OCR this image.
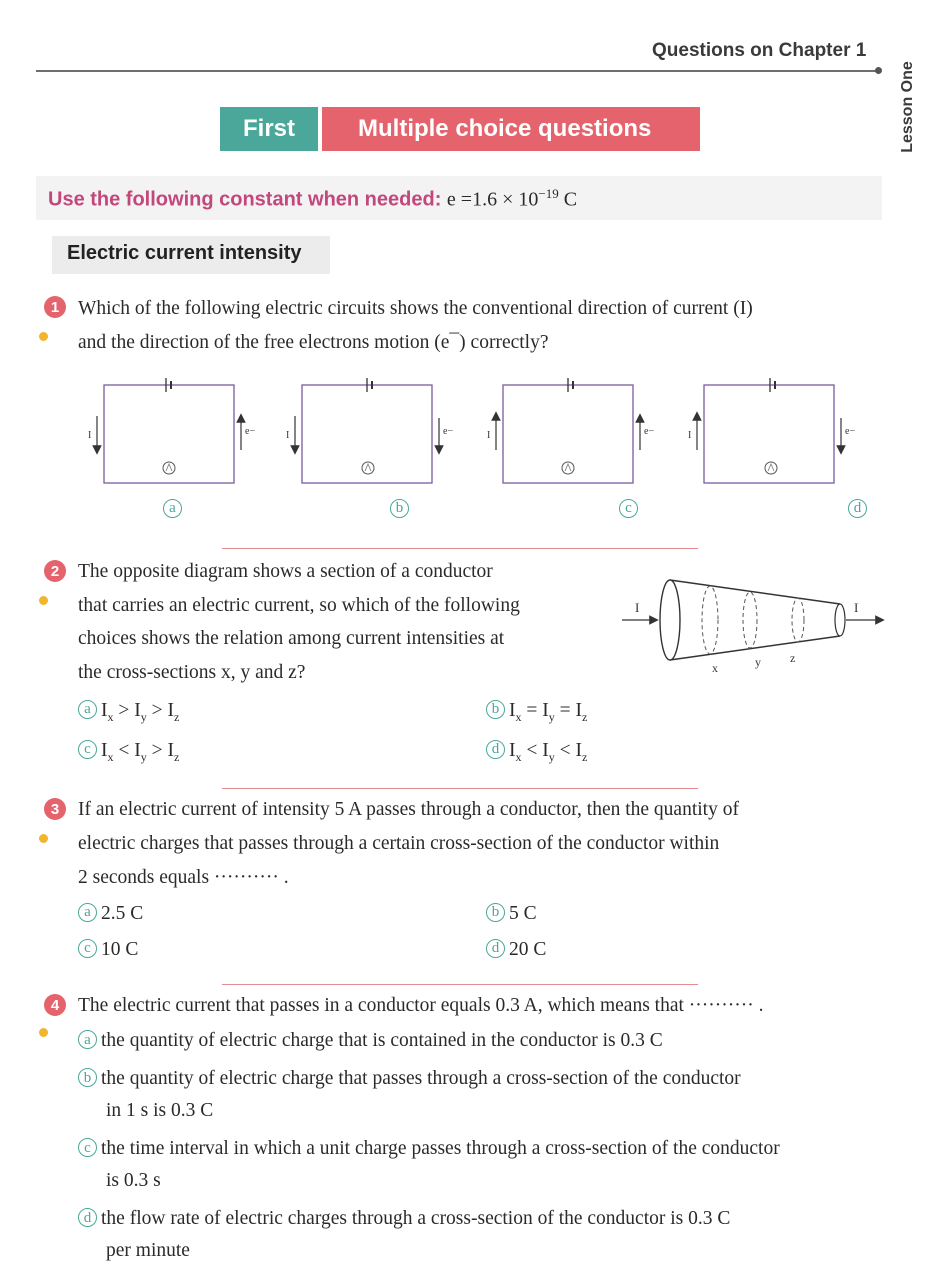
Questions on Chapter 1
Lesson One
First	Multiple choice questions
Use the following constant when needed: $e =1.6 \times 10^{-19}$ C
Electric current intensity
1 Which of the following electric circuits shows the conventional direction of current (I)
and the direction of the free electrons motion (e¯) correctly?
I	e−	I	e−	I	e−	I	e−
a	b	c	d
2 The opposite diagram shows a section of a conductor
that carries an electric current, so which of the following
choices shows the relation among current intensities at
the cross-sections x, y and z?
I	I
x	y z
a $I_x > I_y > I_z$	b $I_x = I_y = I_z$
c $I_x < I_y > I_z$	d $I_x < I_y < I_z$
3 If an electric current of intensity 5 A passes through a conductor, then the quantity of
electric charges that passes through a certain cross-section of the conductor within
2 seconds equals ·········· .
a 2.5 C	b 5 C
c 10 C	d 20 C
4 The electric current that passes in a conductor equals 0.3 A, which means that ·········· .
a the quantity of electric charge that is contained in the conductor is 0.3 C
b the quantity of electric charge that passes through a cross-section of the conductor
in 1 s is 0.3 C
c the time interval in which a unit charge passes through a cross-section of the conductor
is 0.3 s
d the flow rate of electric charges through a cross-section of the conductor is 0.3 C
per minute
